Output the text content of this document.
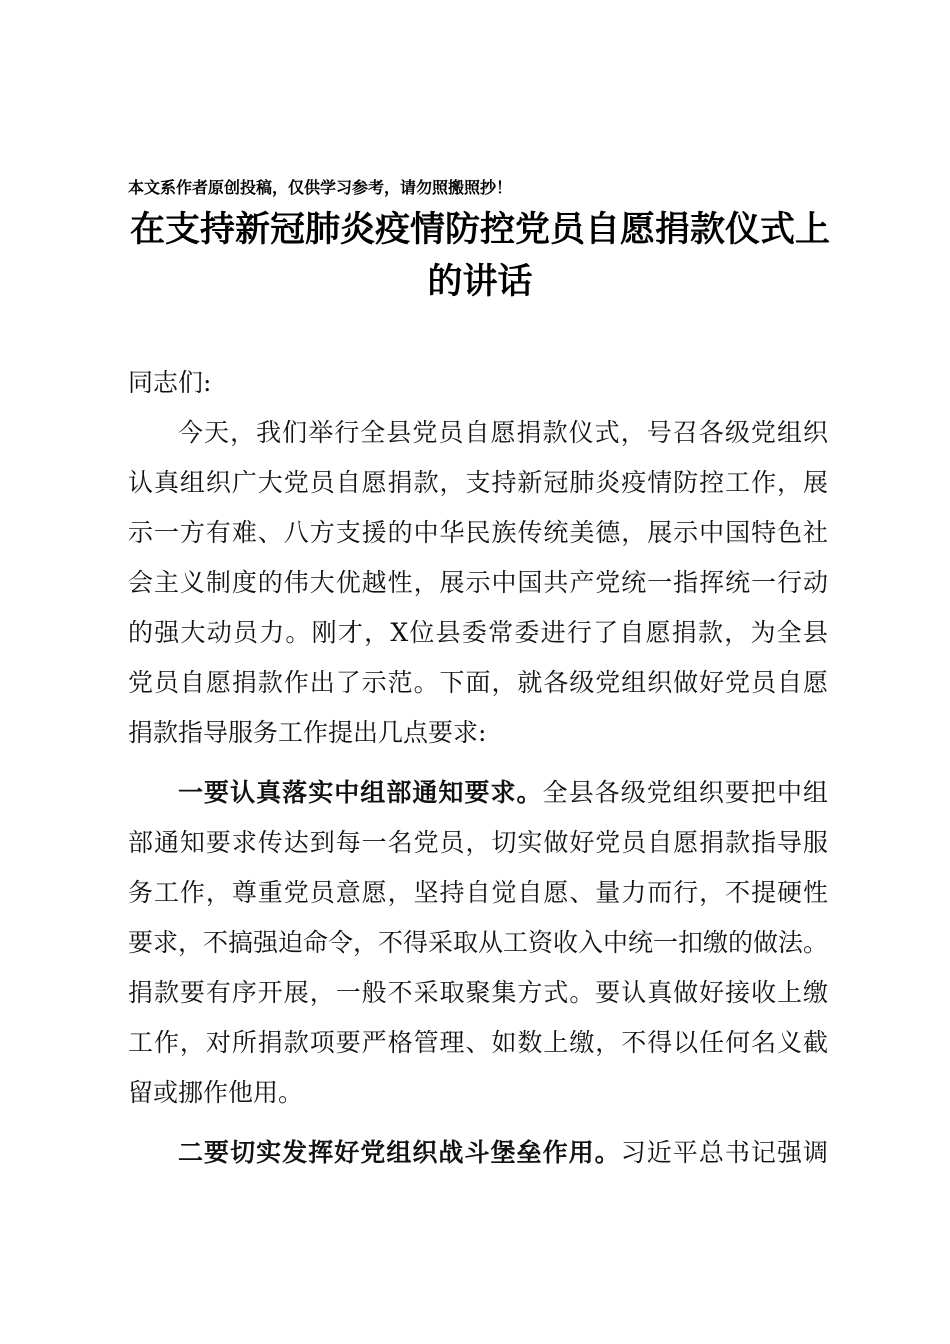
本文系作者原创投稿，仅供学习参考，请勿照搬照抄！
在支持新冠肺炎疫情防控党员自愿捐款仪式上
的讲话
同志们:
今天，我们举行全县党员自愿捐款仪式，号召各级党组织
认真组织广大党员自愿捐款，支持新冠肺炎疫情防控工作，展
示一方有难、八方支援的中华民族传统美德，展示中国特色社
会主义制度的伟大优越性，展示中国共产党统一指挥统一行动
的强大动员力。刚才，X位县委常委进行了自愿捐款，为全县
党员自愿捐款作出了示范。下面，就各级党组织做好党员自愿
捐款指导服务工作提出几点要求:
一要认真落实中组部通知要求。全县各级党组织要把中组
部通知要求传达到每一名党员，切实做好党员自愿捐款指导服
务工作，尊重党员意愿，坚持自觉自愿、量力而行，不提硬性
要求，不搞强迫命令，不得采取从工资收入中统一扣缴的做法。
捐款要有序开展，一般不采取聚集方式。要认真做好接收上缴
工作，对所捐款项要严格管理、如数上缴，不得以任何名义截
留或挪作他用。
二要切实发挥好党组织战斗堡垒作用。习近平总书记强调
